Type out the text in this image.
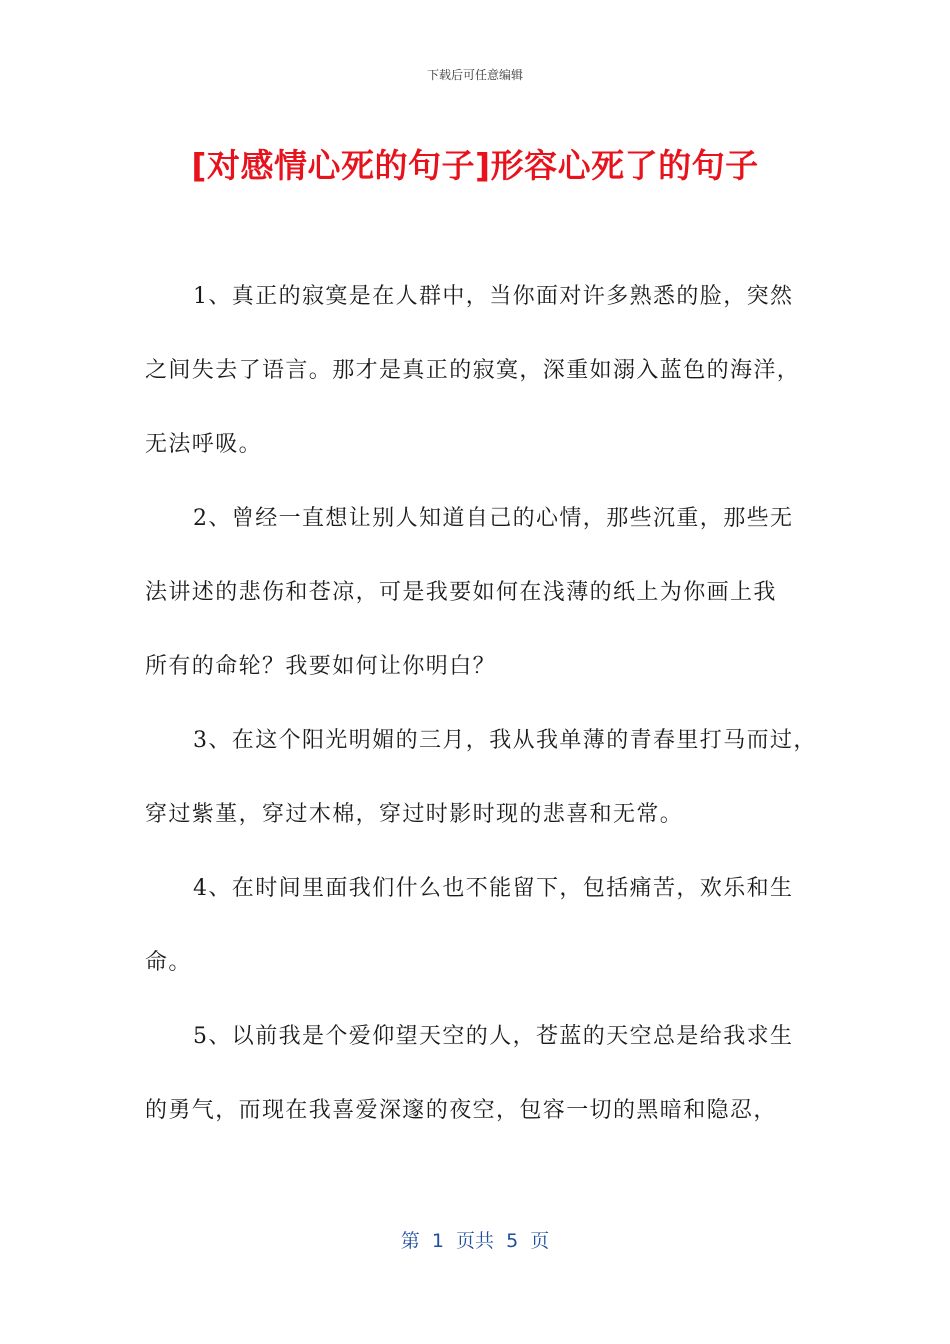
下载后可任意编辑
[对感情心死的句子]形容心死了的句子
1、真正的寂寞是在人群中，当你面对许多熟悉的脸，突然
之间失去了语言。那才是真正的寂寞，深重如溺入蓝色的海洋，
无法呼吸。
2、曾经一直想让别人知道自己的心情，那些沉重，那些无
法讲述的悲伤和苍凉，可是我要如何在浅薄的纸上为你画上我
所有的命轮？我要如何让你明白？
3、在这个阳光明媚的三月，我从我单薄的青春里打马而过，
穿过紫堇，穿过木棉，穿过时影时现的悲喜和无常。
4、在时间里面我们什么也不能留下，包括痛苦，欢乐和生
命。
5、以前我是个爱仰望天空的人，苍蓝的天空总是给我求生
的勇气，而现在我喜爱深邃的夜空，包容一切的黑暗和隐忍，
第  1  页共  5  页
